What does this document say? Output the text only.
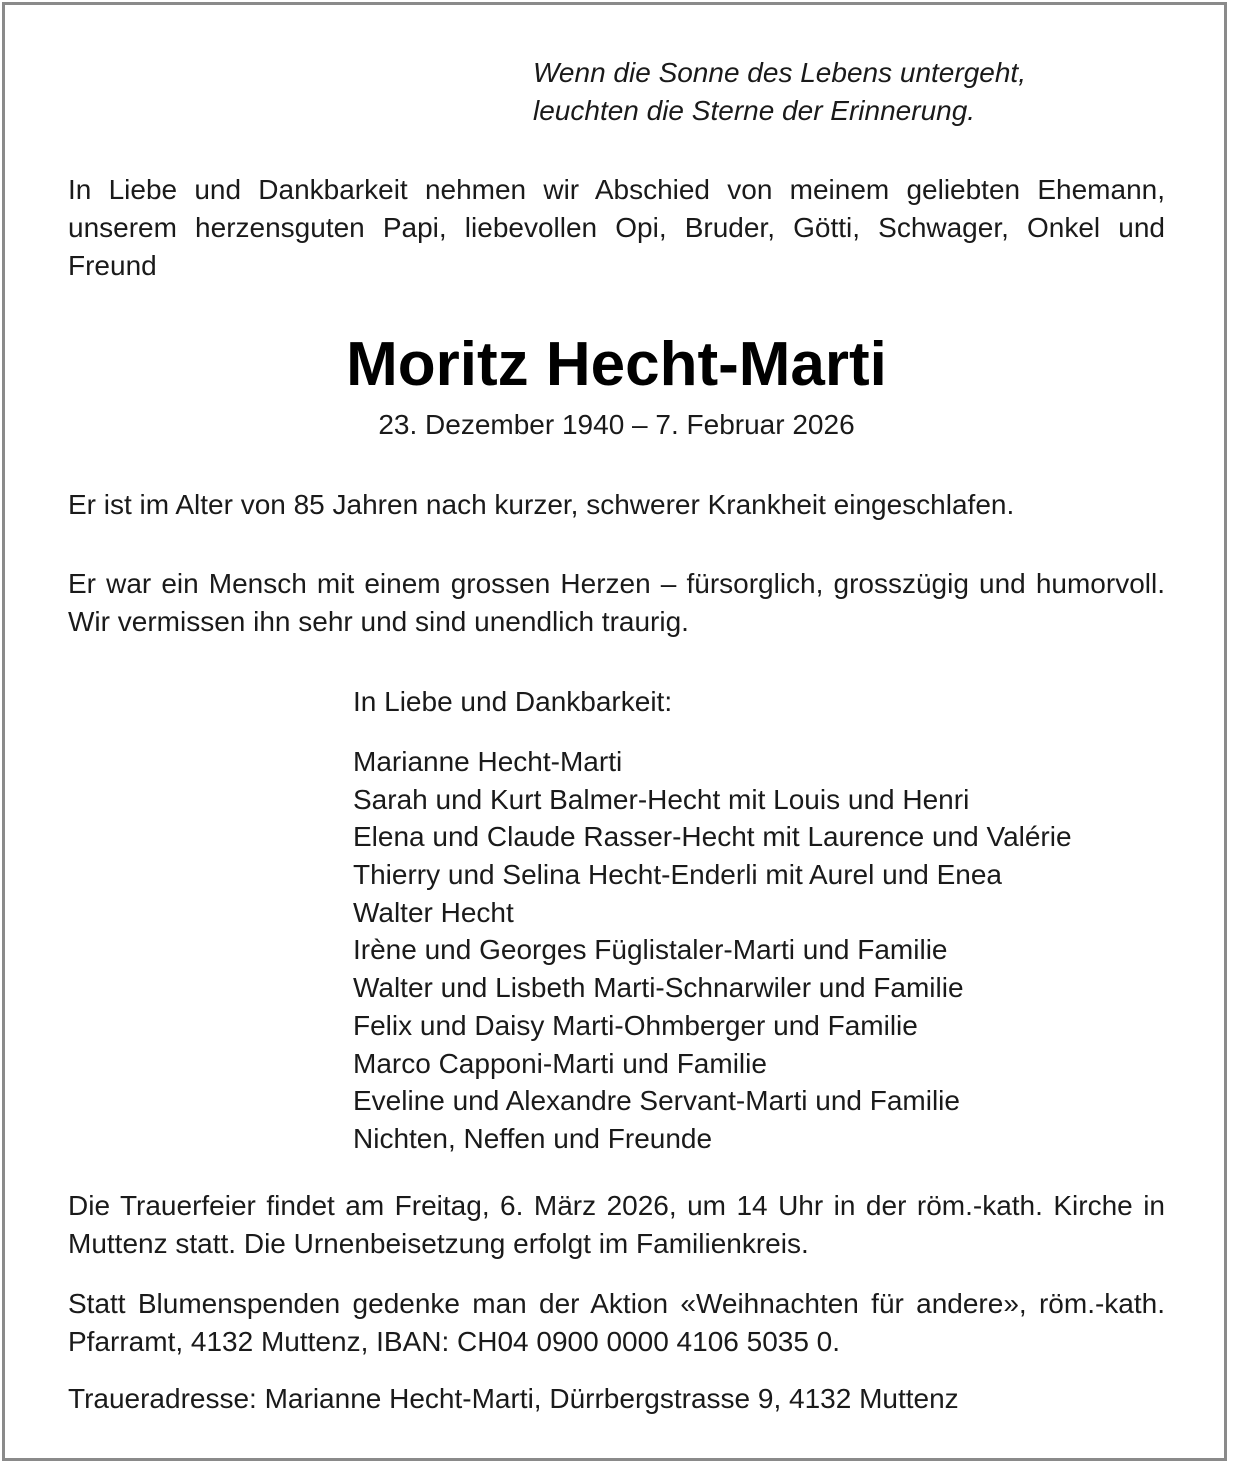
Wenn die Sonne des Lebens untergeht,
leuchten die Sterne der Erinnerung.
In Liebe und Dankbarkeit nehmen wir Abschied von meinem geliebten Ehemann, unserem herzensguten Papi, liebevollen Opi, Bruder, Götti, Schwager, Onkel und Freund
Moritz Hecht-Marti
23. Dezember 1940 – 7. Februar 2026
Er ist im Alter von 85 Jahren nach kurzer, schwerer Krankheit eingeschlafen.
Er war ein Mensch mit einem grossen Herzen – fürsorglich, grosszügig und humorvoll. Wir vermissen ihn sehr und sind unendlich traurig.
In Liebe und Dankbarkeit:
Marianne Hecht-Marti
Sarah und Kurt Balmer-Hecht mit Louis und Henri
Elena und Claude Rasser-Hecht mit Laurence und Valérie
Thierry und Selina Hecht-Enderli mit Aurel und Enea
Walter Hecht
Irène und Georges Füglistaler-Marti und Familie
Walter und Lisbeth Marti-Schnarwiler und Familie
Felix und Daisy Marti-Ohmberger und Familie
Marco Capponi-Marti und Familie
Eveline und Alexandre Servant-Marti und Familie
Nichten, Neffen und Freunde
Die Trauerfeier findet am Freitag, 6. März 2026, um 14 Uhr in der röm.-kath. Kirche in Muttenz statt. Die Urnenbeisetzung erfolgt im Familienkreis.
Statt Blumenspenden gedenke man der Aktion «Weihnachten für andere», röm.-kath. Pfarramt, 4132 Muttenz, IBAN: CH04 0900 0000 4106 5035 0.
Traueradresse: Marianne Hecht-Marti, Dürrbergstrasse 9, 4132 Muttenz
